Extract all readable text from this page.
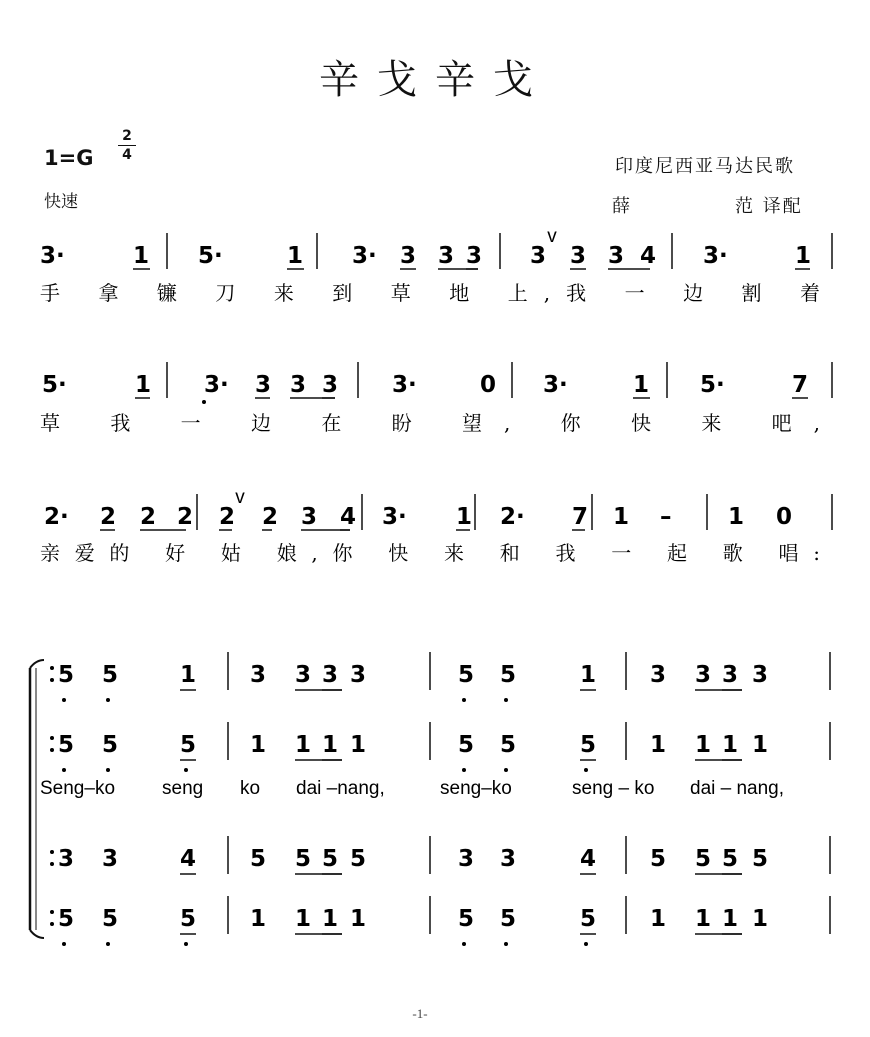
辛戈辛戈
1=G
2
4
快速
印度尼西亚马达民歌
薛	范 译配
3·	1 5·	1 3· 3 3 3 3 3 3 4 3·	1
手 拿 镰 刀 来 到 草 地 上,我 一 边 割 着
5·	1 3· 3 3 3 3·	0 3·	1 5·	7
草 我 一 边 在 盼 望, 你 快 来 吧,
2· 2 2 2 2 2 3 4 3· 1 2· 7 1 – 1 0
亲爱的 好 姑 娘,你 快 来 和 我 一 起 歌 唱:
v
v
5 5	1 3 3 3 3	5 5	1 3 3 3 3
5 5	5 1 1 1 1	5 5	5 1 1 1 1
3 3	4 5 5 5 5	3 3	4 5 5 5 5
5 5	5 1 1 1 1	5 5	5 1 1 1 1
Seng–ko seng ko dai –nang,	seng–ko	seng – ko dai – nang,
-1-
